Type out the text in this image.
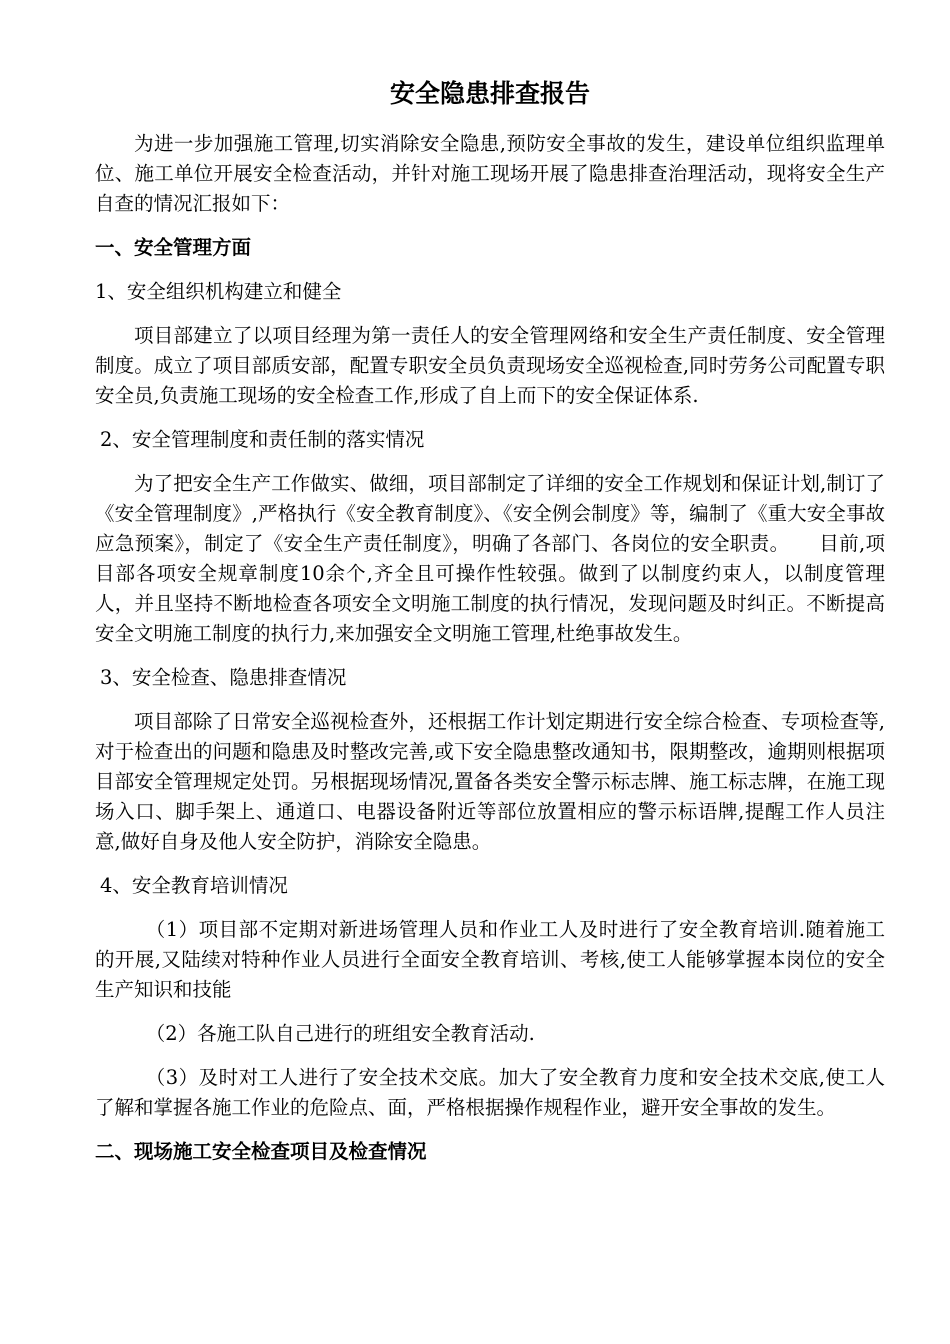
安全隐患排查报告

为进一步加强施工管理,切实消除安全隐患,预防安全事故的发生，建设单位组织监理单位、施工单位开展安全检查活动，并针对施工现场开展了隐患排查治理活动，现将安全生产自查的情况汇报如下：

一、安全管理方面
1、安全组织机构建立和健全

项目部建立了以项目经理为第一责任人的安全管理网络和安全生产责任制度、安全管理制度。成立了项目部质安部，配置专职安全员负责现场安全巡视检查,同时劳务公司配置专职安全员,负责施工现场的安全检查工作,形成了自上而下的安全保证体系.

2、安全管理制度和责任制的落实情况

为了把安全生产工作做实、做细，项目部制定了详细的安全工作规划和保证计划,制订了《安全管理制度》,严格执行《安全教育制度》、《安全例会制度》等，编制了《重大安全事故应急预案》，制定了《安全生产责任制度》，明确了各部门、各岗位的安全职责。　　目前,项目部各项安全规章制度10余个,齐全且可操作性较强。做到了以制度约束人，以制度管理人，并且坚持不断地检查各项安全文明施工制度的执行情况，发现问题及时纠正。不断提高安全文明施工制度的执行力,来加强安全文明施工管理,杜绝事故发生。

3、安全检查、隐患排查情况

项目部除了日常安全巡视检查外，还根据工作计划定期进行安全综合检查、专项检查等,对于检查出的问题和隐患及时整改完善,或下安全隐患整改通知书，限期整改，逾期则根据项目部安全管理规定处罚。另根据现场情况,置备各类安全警示标志牌、施工标志牌，在施工现场入口、脚手架上、通道口、电器设备附近等部位放置相应的警示标语牌,提醒工作人员注意,做好自身及他人安全防护，消除安全隐患。

4、安全教育培训情况

（1）项目部不定期对新进场管理人员和作业工人及时进行了安全教育培训.随着施工的开展,又陆续对特种作业人员进行全面安全教育培训、考核,使工人能够掌握本岗位的安全生产知识和技能

（2）各施工队自己进行的班组安全教育活动.

（3）及时对工人进行了安全技术交底。加大了安全教育力度和安全技术交底,使工人了解和掌握各施工作业的危险点、面，严格根据操作规程作业，避开安全事故的发生。

二、现场施工安全检查项目及检查情况
